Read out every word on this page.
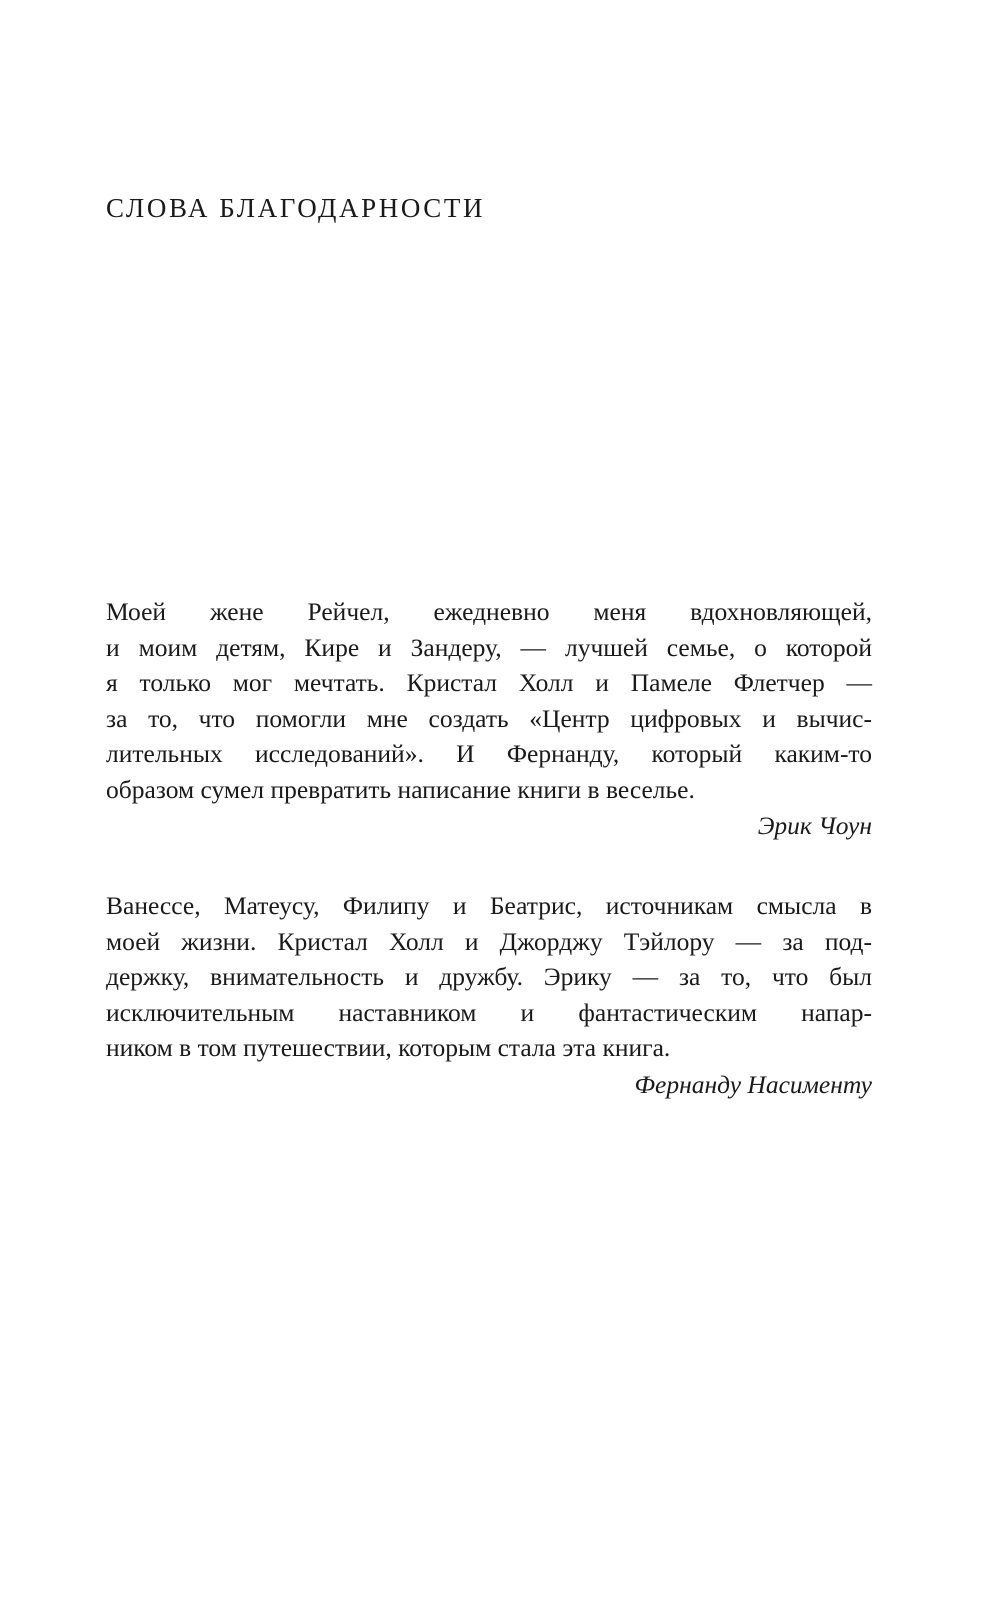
СЛОВА БЛАГОДАРНОСТИ
Моей жене Рейчел, ежедневно меня вдохновляющей,
и моим детям, Кире и Зандеру, — лучшей семье, о которой
я только мог мечтать. Кристал Холл и Памеле Флетчер —
за то, что помогли мне создать «Центр цифровых и вычис-
лительных исследований». И Фернанду, который каким-то
образом сумел превратить написание книги в веселье.
Эрик Чоун
Ванессе, Матеусу, Филипу и Беатрис, источникам смысла в
моей жизни. Кристал Холл и Джорджу Тэйлору — за под-
держку, внимательность и дружбу. Эрику — за то, что был
исключительным наставником и фантастическим напар-
ником в том путешествии, которым стала эта книга.
Фернанду Насименту
